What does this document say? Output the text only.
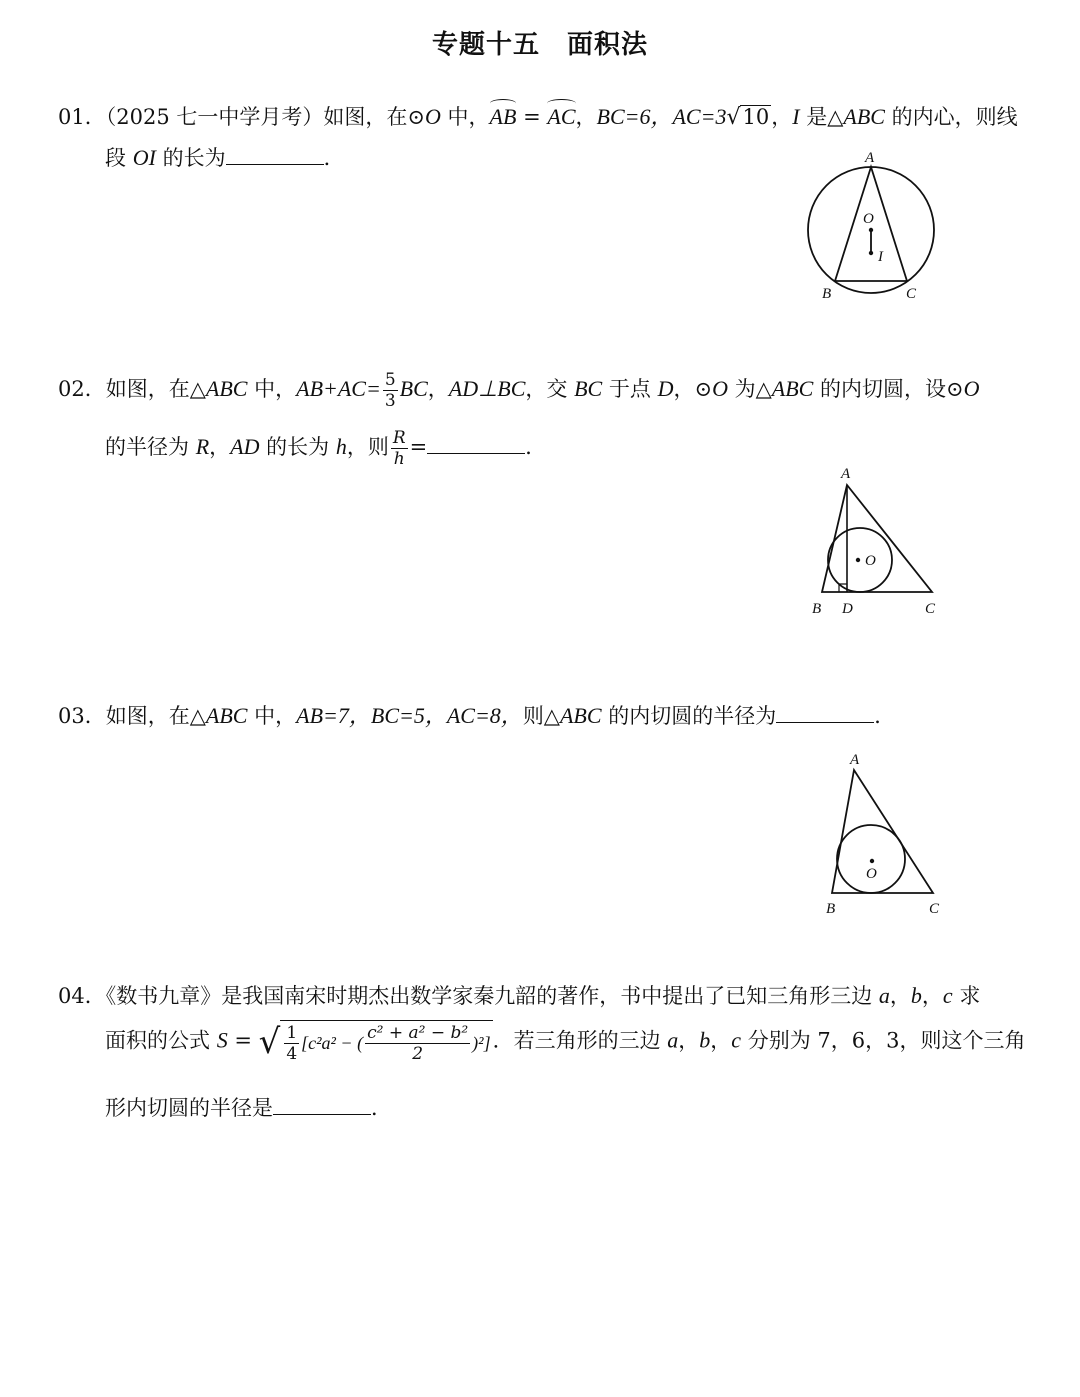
专题十五　面积法
01．（2025 七一中学月考）如图，在⊙O 中，AB = AC，BC=6，AC=3√10，I 是△ABC 的内心，则线
段 OI 的长为	．	A
O
I
B	C
02．如图，在△ABC 中，$AB+AC= \frac{5}{3}$ BC，AD⊥BC，交 BC 于点 D，⊙O 为△ABC 的内切圆，设⊙O
的半径为 R，AD 的长为 h，则 $\frac{R}{h}$ =	．
A
O
B D	C
03．如图，在△ABC 中，AB=7，BC=5，AC=8，则△ABC 的内切圆的半径为	．
A
O
B	C
04．《数书九章》是我国南宋时期杰出数学家秦九韶的著作，书中提出了已知三角形三边 a，b，c 求
面积的公式 S = √ $\frac{1}{4} [c^2a^2$ − ( $\frac{\text{c² + a² − b²}}{2} )^2$]．若三角形的三边 a，b，c 分别为 7，6，3，则这个三角
形内切圆的半径是	．
